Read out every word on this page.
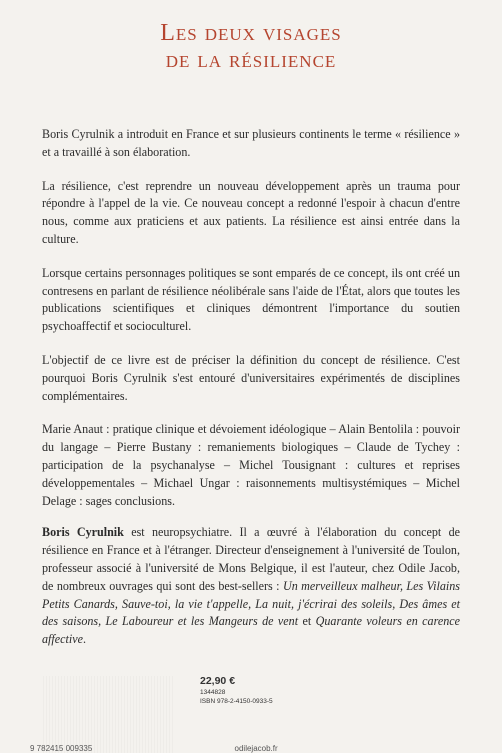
Les deux visages
de la résilience

Boris Cyrulnik a introduit en France et sur plusieurs continents le terme « résilience » et a travaillé à son élaboration.

La résilience, c'est reprendre un nouveau développement après un trauma pour répondre à l'appel de la vie. Ce nouveau concept a redonné l'espoir à chacun d'entre nous, comme aux praticiens et aux patients. La résilience est ainsi entrée dans la culture.

Lorsque certains personnages politiques se sont emparés de ce concept, ils ont créé un contresens en parlant de résilience néolibérale sans l'aide de l'État, alors que toutes les publications scientifiques et cliniques démontrent l'importance du soutien psychoaffectif et socioculturel.

L'objectif de ce livre est de préciser la définition du concept de résilience. C'est pourquoi Boris Cyrulnik s'est entouré d'universitaires expérimentés de disciplines complémentaires.

Marie Anaut : pratique clinique et dévoiement idéologique – Alain Bentolila : pouvoir du langage – Pierre Bustany : remaniements biologiques – Claude de Tychey : participation de la psychanalyse – Michel Tousignant : cultures et reprises développementales – Michael Ungar : raisonnements multisystémiques – Michel Delage : sages conclusions.

Boris Cyrulnik est neuropsychiatre. Il a œuvré à l'élaboration du concept de résilience en France et à l'étranger. Directeur d'enseignement à l'université de Toulon, professeur associé à l'université de Mons Belgique, il est l'auteur, chez Odile Jacob, de nombreux ouvrages qui sont des best-sellers : Un merveilleux malheur, Les Vilains Petits Canards, Sauve-toi, la vie t'appelle, La nuit, j'écrirai des soleils, Des âmes et des saisons, Le Laboureur et les Mangeurs de vent et Quarante voleurs en carence affective.

22,90 €
1344828
ISBN 978-2-4150-0933-5
9 782415 009335	odilejacob.fr
